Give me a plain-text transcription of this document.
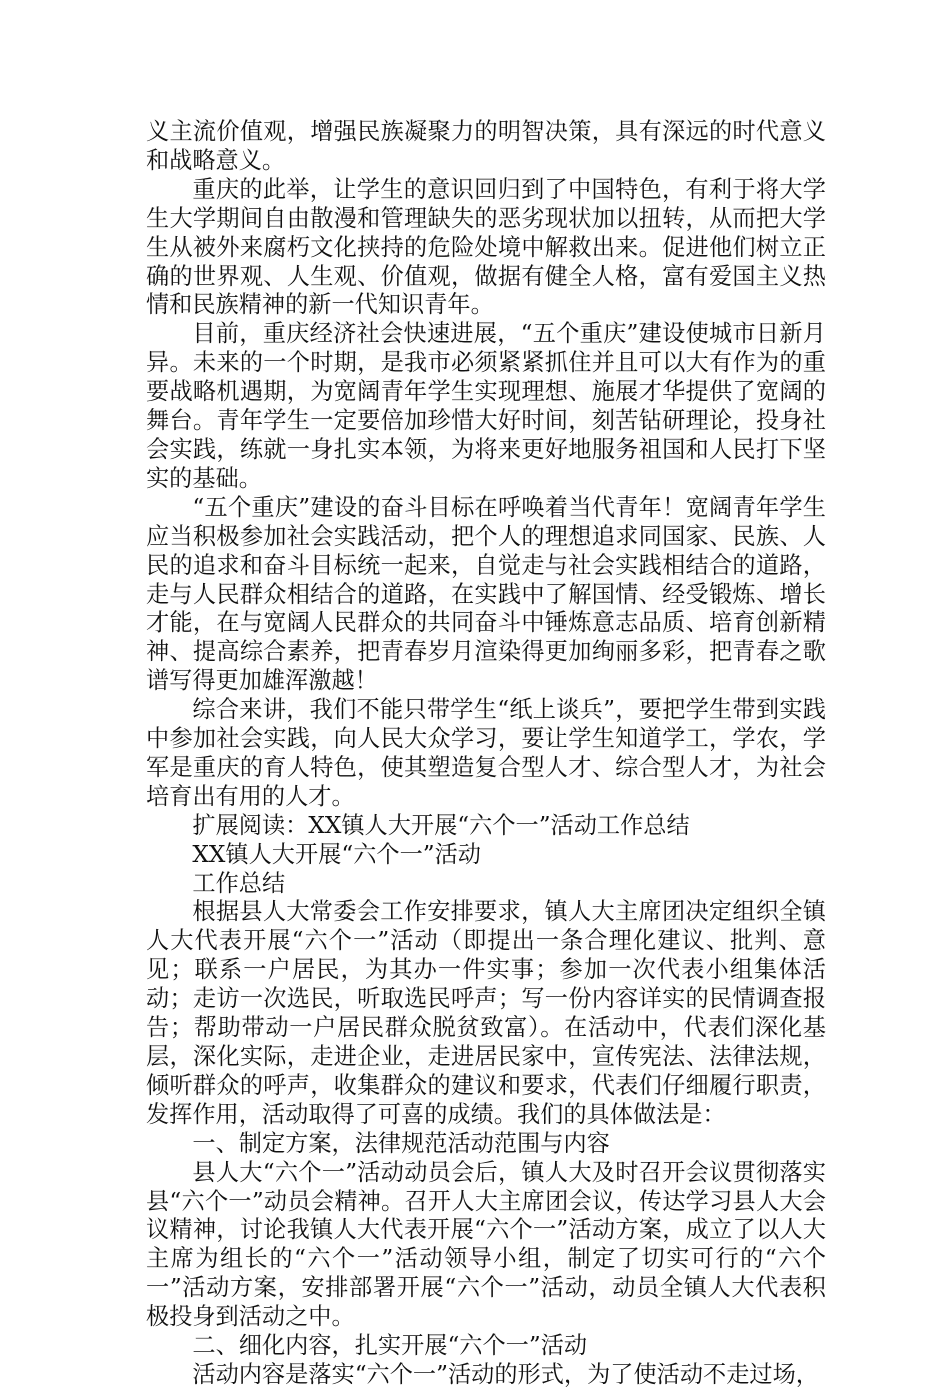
义主流价值观，增强民族凝聚力的明智决策，具有深远的时代意义和战略意义。

重庆的此举，让学生的意识回归到了中国特色，有利于将大学生大学期间自由散漫和管理缺失的恶劣现状加以扭转，从而把大学生从被外来腐朽文化挟持的危险处境中解救出来。促进他们树立正确的世界观、人生观、价值观，做据有健全人格，富有爱国主义热情和民族精神的新一代知识青年。

目前，重庆经济社会快速进展，“五个重庆”建设使城市日新月异。未来的一个时期，是我市必须紧紧抓住并且可以大有作为的重要战略机遇期，为宽阔青年学生实现理想、施展才华提供了宽阔的舞台。青年学生一定要倍加珍惜大好时间，刻苦钻研理论，投身社会实践，练就一身扎实本领，为将来更好地服务祖国和人民打下坚实的基础。

“五个重庆”建设的奋斗目标在呼唤着当代青年！宽阔青年学生应当积极参加社会实践活动，把个人的理想追求同国家、民族、人民的追求和奋斗目标统一起来，自觉走与社会实践相结合的道路，走与人民群众相结合的道路，在实践中了解国情、经受锻炼、增长才能，在与宽阔人民群众的共同奋斗中锤炼意志品质、培育创新精神、提高综合素养，把青春岁月渲染得更加绚丽多彩，把青春之歌谱写得更加雄浑激越！

综合来讲，我们不能只带学生“纸上谈兵”，要把学生带到实践中参加社会实践，向人民大众学习，要让学生知道学工，学农，学军是重庆的育人特色，使其塑造复合型人才、综合型人才，为社会培育出有用的人才。

扩展阅读：XX镇人大开展“六个一”活动工作总结

XX镇人大开展“六个一”活动

工作总结

根据县人大常委会工作安排要求，镇人大主席团决定组织全镇人大代表开展“六个一”活动（即提出一条合理化建议、批判、意见；联系一户居民，为其办一件实事；参加一次代表小组集体活动；走访一次选民，听取选民呼声；写一份内容详实的民情调查报告；帮助带动一户居民群众脱贫致富）。在活动中，代表们深化基层，深化实际，走进企业，走进居民家中，宣传宪法、法律法规，倾听群众的呼声，收集群众的建议和要求，代表们仔细履行职责，发挥作用，活动取得了可喜的成绩。我们的具体做法是：

一、制定方案，法律规范活动范围与内容

县人大“六个一”活动动员会后，镇人大及时召开会议贯彻落实县“六个一”动员会精神。召开人大主席团会议，传达学习县人大会议精神，讨论我镇人大代表开展“六个一”活动方案，成立了以人大主席为组长的“六个一”活动领导小组，制定了切实可行的“六个一”活动方案，安排部署开展“六个一”活动，动员全镇人大代表积极投身到活动之中。

二、细化内容，扎实开展“六个一”活动

活动内容是落实“六个一”活动的形式，为了使活动不走过场，
